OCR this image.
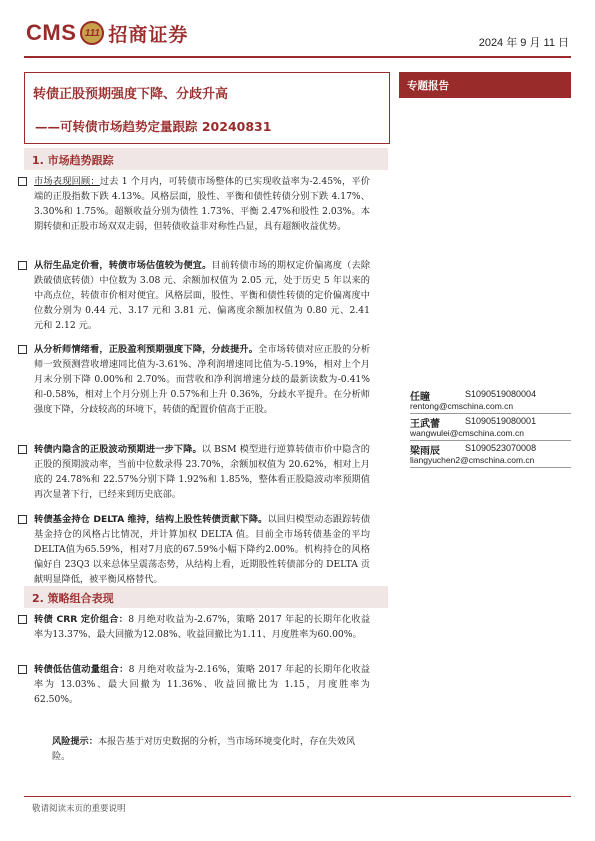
CMS 111 招商证券	2024 年 9 月 11 日
转债正股预期强度下降、分歧升高
——可转债市场趋势定量跟踪 20240831
专题报告
1. 市场趋势跟踪
市场表现回顾：过去 1 个月内，可转债市场整体的已实现收益率为-2.45%，平价端的正股指数下跌 4.13%。风格层面，股性、平衡和债性转债分别下跌 4.17%、3.30%和 1.75%。超额收益分别为债性 1.73%、平衡 2.47%和股性 2.03%。本期转债和正股市场双双走弱，但转债收益非对称性凸显，具有超额收益优势。
从衍生品定价看，转债市场估值较为便宜。目前转债市场的期权定价偏离度（去除跌破债底转债）中位数为 3.08 元、余额加权值为 2.05 元，处于历史 5 年以来的中高点位，转债市价相对便宜。风格层面，股性、平衡和债性转债的定价偏离度中位数分别为 0.44 元、3.17 元和 3.81 元、偏离度余额加权值为 0.80 元、2.41 元和 2.12 元。
从分析师情绪看，正股盈利预期强度下降，分歧提升。全市场转债对应正股的分析师一致预测营收增速同比值为-3.61%、净利润增速同比值为-5.19%，相对上个月月末分别下降 0.00%和 2.70%。而营收和净利润增速分歧的最新读数为-0.41%和-0.58%，相对上个月分别上升 0.57%和上升 0.36%，分歧水平提升。在分析师强度下降，分歧较高的环境下，转债的配置价值高于正股。
转债内隐含的正股波动预期进一步下降。以 BSM 模型进行逆算转债市价中隐含的正股的预期波动率，当前中位数录得 23.70%，余额加权值为 20.62%，相对上月底的 24.78%和 22.57%分别下降 1.92%和 1.85%，整体看正股隐波动率预期值再次显著下行，已经来到历史底部。
转债基金持仓 DELTA 维持，结构上股性转债贡献下降。以回归模型动态跟踪转债基金持仓的风格占比情况，并计算加权 DELTA 值。目前全市场转债基金的平均DELTA值为65.59%，相对7月底的67.59%小幅下降约2.00%。机构持仓的风格偏好自 23Q3 以来总体呈震荡态势，从结构上看，近期股性转债部分的 DELTA 贡献明显降低，被平衡风格替代。
2. 策略组合表现
转债 CRR 定价组合：8 月绝对收益为-2.67%，策略 2017 年起的长期年化收益率为13.37%、最大回撤为12.08%、收益回撤比为1.11、月度胜率为60.00%。
转债低估值动量组合：8 月绝对收益为-2.16%，策略 2017 年起的长期年化收益率为 13.03%、最大回撤为 11.36%、收益回撤比为 1.15，月度胜率为 62.50%。
风险提示：本报告基于对历史数据的分析，当市场环境变化时，存在失效风险。
任瞳	S1090519080004
rentong@cmschina.com.cn
王武蕾	S1090519080001
wangwulei@cmschina.com.cn
梁雨辰	S1090523070008
liangyuchen2@cmschina.com.cn
敬请阅读末页的重要说明
